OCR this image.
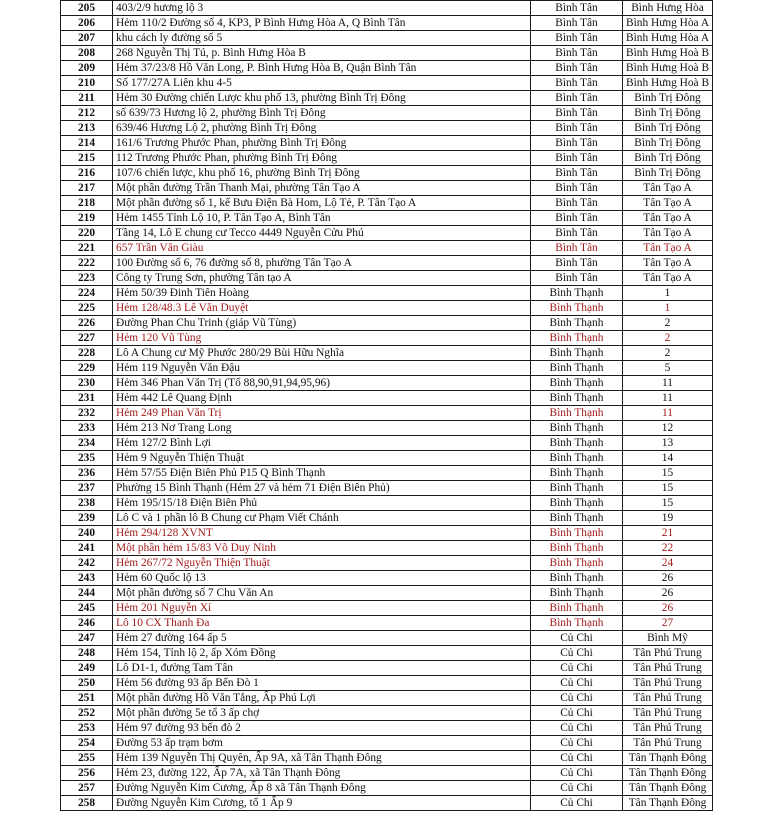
205	403/2/9 hương lộ 3	Bình Tân	Bình Hưng Hòa
206	Hẻm 110/2 Đường số 4, KP3, P Bình Hưng Hòa A, Q Bình Tân	Bình Tân	Bình Hưng Hòa A
207	khu cách ly đường số 5	Bình Tân	Bình Hưng Hòa A
208	268 Nguyễn Thị Tú, p. Bình Hưng Hòa B	Bình Tân	Bình Hưng Hoà B
209	Hẻm 37/23/8 Hồ Văn Long, P. Bình Hưng Hòa B, Quận Bình Tân	Bình Tân	Bình Hưng Hoà B
210	Số 177/27A Liên khu 4-5	Bình Tân	Bình Hưng Hoà B
211	Hẻm 30 Đường chiến Lược khu phố 13, phường Bình Trị Đông	Bình Tân	Bình Trị Đông
212	số 639/73 Hương lộ 2, phường Bình Trị Đông	Bình Tân	Bình Trị Đông
213	639/46 Hương Lộ 2, phường Bình Trị Đông	Bình Tân	Bình Trị Đông
214	161/6 Trương Phước Phan, phường Bình Trị Đông	Bình Tân	Bình Trị Đông
215	112 Trương Phước Phan, phường Bình Trị Đông	Bình Tân	Bình Trị Đông
216	107/6 chiến lược, khu phố 16, phường Bình Trị Đông	Bình Tân	Bình Trị Đông
217	Một phần đường Trần Thanh Mại, phường Tân Tạo A	Bình Tân	Tân Tạo A
218	Một phần đường số 1, kế Bưu Điện Bà Hom, Lộ Tẻ, P. Tân Tạo A	Bình Tân	Tân Tạo A
219	Hẻm 1455 Tỉnh Lộ 10, P. Tân Tạo A, Bình Tân	Bình Tân	Tân Tạo A
220	Tầng 14, Lô E chung cư Tecco 4449 Nguyễn Cửu Phú	Bình Tân	Tân Tạo A
221	657 Trần Văn Giàu	Bình Tân	Tân Tạo A
222	100 Đường số 6, 76 đường số 8, phường Tân Tạo A	Bình Tân	Tân Tạo A
223	Công ty Trung Sơn, phường Tân tạo A	Bình Tân	Tân Tạo A
224	Hẻm 50/39 Đinh Tiên Hoàng	Bình Thạnh	1
225	Hẻm 128/48.3 Lê Văn Duyệt	Bình Thạnh	1
226	Đường Phan Chu Trinh (giáp Vũ Tùng)	Bình Thạnh	2
227	Hẻm 120 Vũ Tùng	Bình Thạnh	2
228	Lô A Chung cư Mỹ Phước 280/29 Bùi Hữu Nghĩa	Bình Thạnh	2
229	Hẻm 119 Nguyễn Văn Đậu	Bình Thạnh	5
230	Hẻm 346 Phan Văn Trị (Tổ 88,90,91,94,95,96)	Bình Thạnh	11
231	Hẻm 442 Lê Quang Định	Bình Thạnh	11
232	Hẻm 249 Phan Văn Trị	Bình Thạnh	11
233	Hẻm 213 Nơ Trang Long	Bình Thạnh	12
234	Hẻm 127/2 Bình Lợi	Bình Thạnh	13
235	Hẻm 9 Nguyễn Thiện Thuật	Bình Thạnh	14
236	Hẻm 57/55 Điện Biên Phủ P15 Q Bình Thạnh	Bình Thạnh	15
237	Phường 15 Bình Thạnh (Hẻm 27 và hẻm 71 Điện Biên Phủ)	Bình Thạnh	15
238	Hẻm 195/15/18 Điện Biên Phủ	Bình Thạnh	15
239	Lô C và 1 phần lô B Chung cư Phạm Viết Chánh	Bình Thạnh	19
240	Hẻm 294/128 XVNT	Bình Thạnh	21
241	Một phần hẻm 15/83 Võ Duy Ninh	Bình Thạnh	22
242	Hẻm 267/72 Nguyễn Thiện Thuật	Bình Thạnh	24
243	Hẻm 60 Quốc lộ 13	Bình Thạnh	26
244	Một phần đường số 7 Chu Văn An	Bình Thạnh	26
245	Hẻm 201 Nguyễn Xí	Bình Thạnh	26
246	Lô 10 CX Thanh Đa	Bình Thạnh	27
247	Hẻm 27 đường 164 ấp 5	Củ Chi	Bình Mỹ
248	Hẻm 154, Tỉnh lộ 2, ấp Xóm Đồng	Củ Chi	Tân Phú Trung
249	Lô D1-1, đường Tam Tân	Củ Chi	Tân Phú Trung
250	Hẻm 56 đường 93 ấp Bến Đò 1	Củ Chi	Tân Phú Trung
251	Một phần đường Hồ Văn Tắng, Ấp Phú Lợi	Củ Chi	Tân Phú Trung
252	Một phần đường 5e tổ 3 ấp chợ	Củ Chi	Tân Phú Trung
253	Hẻm 97 đường 93 bến đò 2	Củ Chi	Tân Phú Trung
254	Đường 53 ấp trạm bơm	Củ Chi	Tân Phú Trung
255	Hẻm 139 Nguyễn Thị Quyên, Ấp 9A, xã Tân Thạnh Đông	Củ Chi	Tân Thạnh Đông
256	Hẻm 23, đường 122, Ấp 7A, xã Tân Thạnh Đông	Củ Chi	Tân Thạnh Đông
257	Đường Nguyễn Kim Cương, Ấp 8 xã Tân Thạnh Đông	Củ Chi	Tân Thạnh Đông
258	Đường Nguyễn Kim Cương, tổ 1 Ấp 9	Củ Chi	Tân Thạnh Đông
